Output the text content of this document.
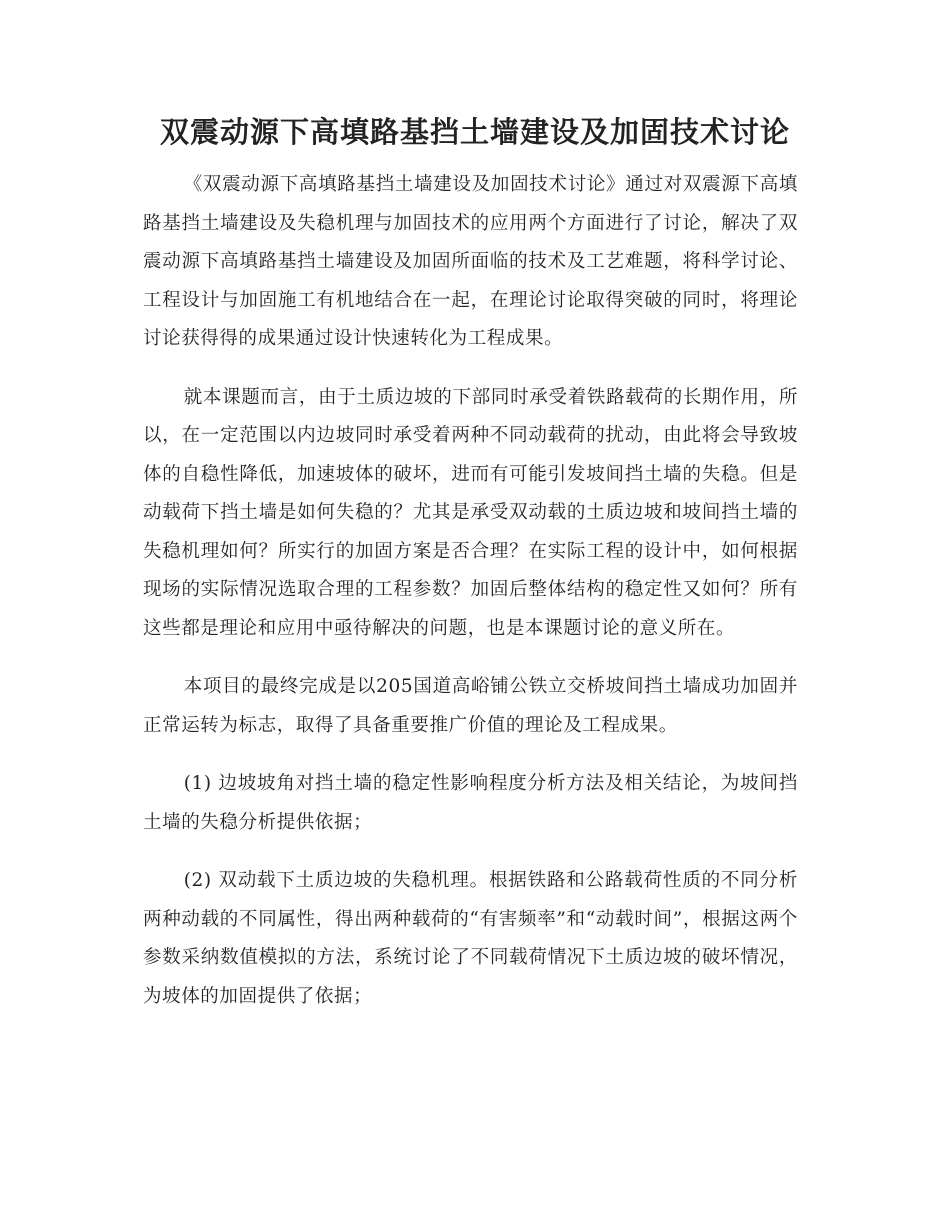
双震动源下高填路基挡土墙建设及加固技术讨论

《双震动源下高填路基挡土墙建设及加固技术讨论》通过对双震源下高填路基挡土墙建设及失稳机理与加固技术的应用两个方面进行了讨论，解决了双震动源下高填路基挡土墙建设及加固所面临的技术及工艺难题，将科学讨论、工程设计与加固施工有机地结合在一起，在理论讨论取得突破的同时，将理论讨论获得得的成果通过设计快速转化为工程成果。

就本课题而言，由于土质边坡的下部同时承受着铁路载荷的长期作用，所以，在一定范围以内边坡同时承受着两种不同动载荷的扰动，由此将会导致坡体的自稳性降低，加速坡体的破坏，进而有可能引发坡间挡土墙的失稳。但是动载荷下挡土墙是如何失稳的？尤其是承受双动载的土质边坡和坡间挡土墙的失稳机理如何？所实行的加固方案是否合理？在实际工程的设计中，如何根据现场的实际情况选取合理的工程参数？加固后整体结构的稳定性又如何？所有这些都是理论和应用中亟待解决的问题，也是本课题讨论的意义所在。

本项目的最终完成是以205国道高峪铺公铁立交桥坡间挡土墙成功加固并正常运转为标志，取得了具备重要推广价值的理论及工程成果。

(1) 边坡坡角对挡土墙的稳定性影响程度分析方法及相关结论，为坡间挡土墙的失稳分析提供依据；

(2) 双动载下土质边坡的失稳机理。根据铁路和公路载荷性质的不同分析两种动载的不同属性，得出两种载荷的“有害频率”和“动载时间”，根据这两个参数采纳数值模拟的方法，系统讨论了不同载荷情况下土质边坡的破坏情况，为坡体的加固提供了依据；
